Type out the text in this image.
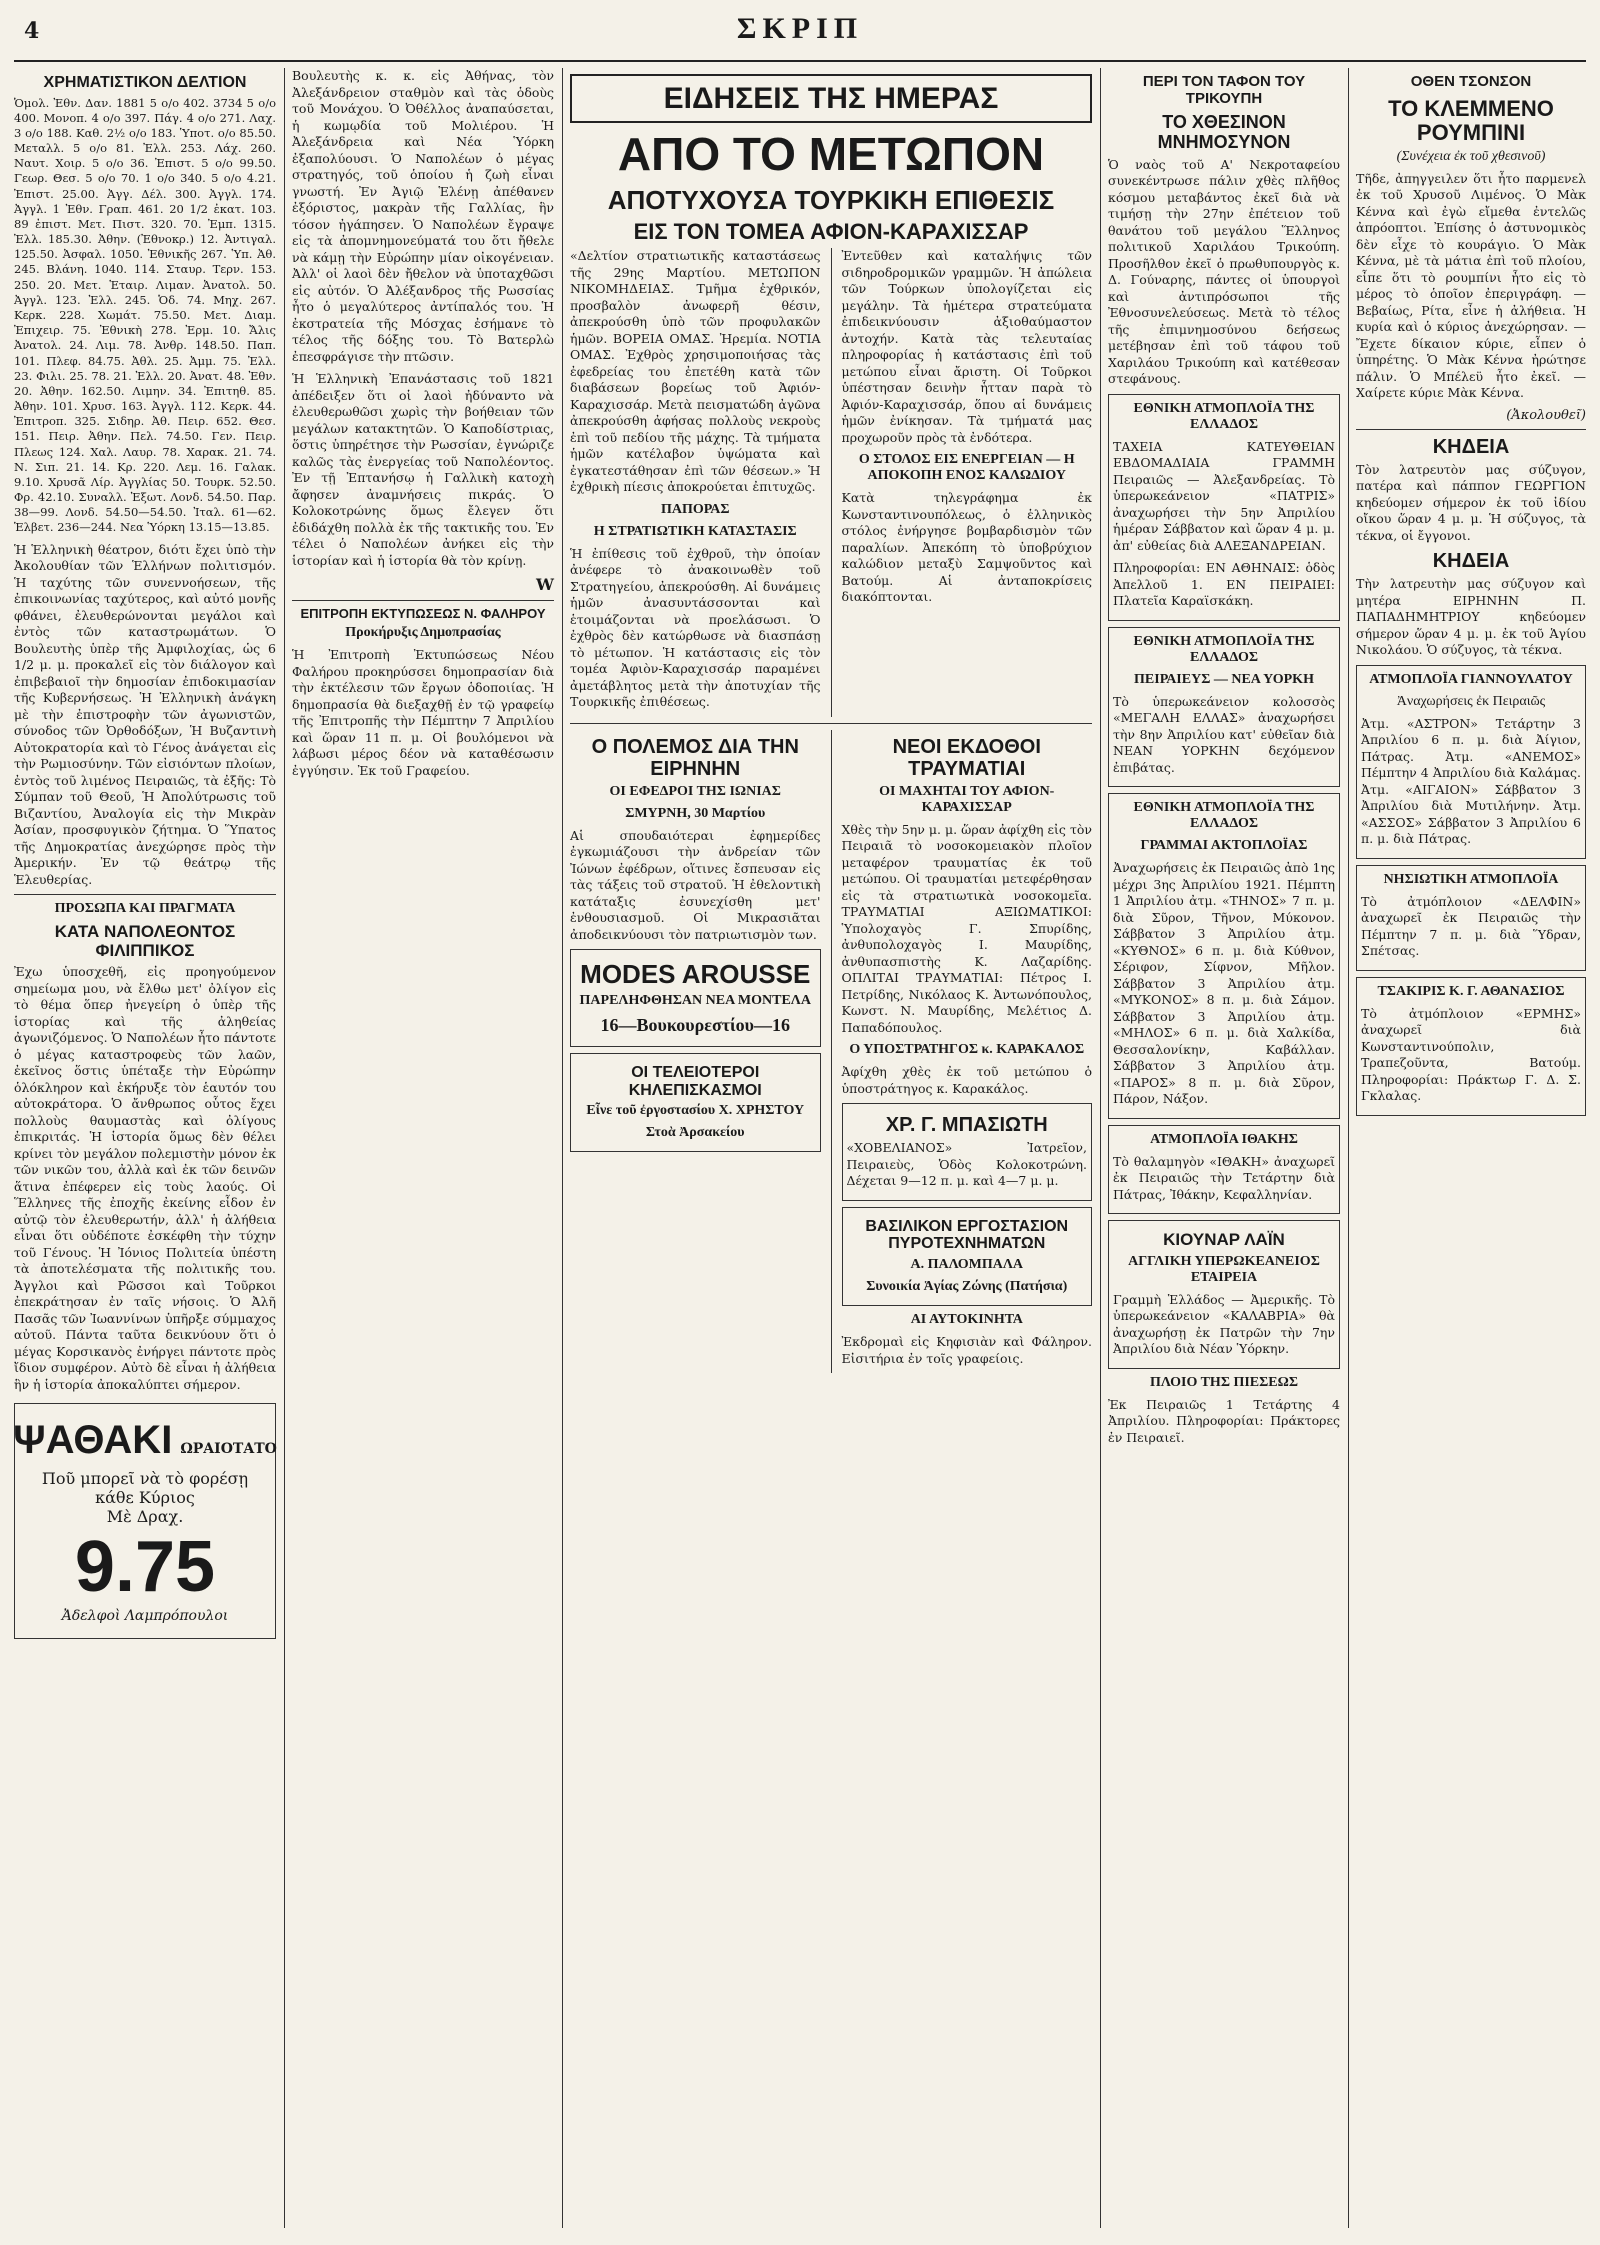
4	ΣΚΡΙΠ
ΧΡΗΜΑΤΙΣΤΙΚΟΝ ΔΕΛΤΙΟΝ
Ὁμολ. Ἐθν. Δαν. 1881 5 ο/ο 402. 3734 5 ο/ο 400. Μονοπ. 4 ο/ο 397. Πάγ. 4 ο/ο 271. Λαχ. 3 ο/ο 188. Καθ. 2½ ο/ο 183. Ὑποτ. ο/ο 85.50. Μεταλλ. 5 ο/ο 81. Ἐλλ. 253. Λάχ. 260. Ναυτ. Χοιρ. 5 ο/ο 36. Ἐπιστ. 5 ο/ο 99.50. Γεωρ. Θεσ. 5 ο/ο 70. 1 ο/ο 340. 5 ο/ο 4.21. Ἐπιστ. 25.00. Ἀγγ. Δέλ. 300. Ἀγγλ. 174. Ἀγγλ. 1 Ἐθν. Γραπ. 461. 20 1/2 ἐκατ. 103. 89 ἐπιστ. Μετ. Πιστ. 320. 70. Ἐμπ. 1315. Ἐλλ. 185.30. Ἀθην. (Ἐθνοκρ.) 12. Ἀντιγαλ. 125.50. Ἀσφαλ. 1050. Ἐθνικῆς 267. Ὑπ. Ἀθ. 245. Βλάνη. 1040. 114. Σταυρ. Τερν. 153. 250. 20. Μετ. Ἑταιρ. Λιμαν. Ἀνατολ. 50. Ἀγγλ. 123. Ἐλλ. 245. Ὁδ. 74. Μηχ. 267. Κερκ. 228. Χωμάτ. 75.50. Μετ. Διαμ. Ἐπιχειρ. 75. Ἐθνικὴ 278. Ἐρμ. 10. Ἄλις Ἀνατολ. 24. Λιμ. 78. Ἀνθρ. 148.50. Παπ. 101. Πλεφ. 84.75. Ἀθλ. 25. Ἀμμ. 75. Ἐλλ. 23. Φιλι. 25. 78. 21. Ἐλλ. 20. Ἀνατ. 48. Ἐθν. 20. Ἀθην. 162.50. Λιμην. 34. Ἐπιτηθ. 85. Ἀθην. 101. Χρυσ. 163. Ἀγγλ. 112. Κερκ. 44. Ἐπιτροπ. 325. Σιδηρ. Ἀθ. Πειρ. 652. Θεσ. 151. Πειρ. Ἀθην. Πελ. 74.50. Γεν. Πειρ. Πλεως 124. Χαλ. Λαυρ. 78. Χαρακ. 21. 74. Ν. Σιπ. 21. 14. Κρ. 220. Λεμ. 16. Γαλακ. 9.10. Χρυσᾶ Λίρ. Ἀγγλίας 50. Τουρκ. 52.50. Φρ. 42.10. Συναλλ. Ἐξωτ. Λονδ. 54.50. Παρ. 38—99. Λονδ. 54.50—54.50. Ἰταλ. 61—62. Ἑλβετ. 236—244. Νεα Ὑόρκη 13.15—13.85.
Ἡ Ἑλληνικὴ θέατρον, διότι ἔχει ὑπὸ τὴν Ἀκολουθίαν τῶν Ἑλλήνων πολιτισμόν. Ἡ ταχύτης τῶν συνεννοήσεων, τῆς ἐπικοινωνίας ταχύτερος, καὶ αὐτό μονῆς φθάνει, ἐλευθερώνονται μεγάλοι καὶ ἐντὸς τῶν καταστρωμάτων. Ὁ Βουλευτὴς ὑπὲρ τῆς Ἀμφιλοχίας, ὡς 6 1/2 μ. μ. προκαλεῖ εἰς τὸν διάλογον καὶ ἐπιβεβαιοῖ τὴν δημοσίαν ἐπιδοκιμασίαν τῆς Κυβερνήσεως. Ἡ Ἑλληνικὴ ἀνάγκη μὲ τὴν ἐπιστροφὴν τῶν ἀγωνιστῶν, σύνοδος τῶν Ὀρθοδόξων, Ἡ Βυζαντινὴ Αὐτοκρατορία καὶ τὸ Γένος ἀνάγεται εἰς τὴν Ρωμιοσύνην. Τῶν εἰσιόντων πλοίων, ἐντὸς τοῦ λιμένος Πειραιῶς, τὰ ἐξῆς: Τὸ Σύμπαν τοῦ Θεοῦ, Ἡ Ἀπολύτρωσις τοῦ Βιζαντίου, Ἀναλογία εἰς τὴν Μικρὰν Ἀσίαν, προσφυγικὸν ζήτημα. Ὁ Ὕπατος τῆς Δημοκρατίας ἀνεχώρησε πρὸς τὴν Ἀμερικήν. Ἐν τῷ θεάτρῳ τῆς Ἑλευθερίας.
ΠΡΟΣΩΠΑ ΚΑΙ ΠΡΑΓΜΑΤΑ
ΚΑΤΑ ΝΑΠΟΛΕΟΝΤΟΣ ΦΙΛΙΠΠΙΚΟΣ
Ἐχω ὑποσχεθῆ, εἰς προηγούμενον σημείωμα μου, νὰ ἔλθω μετ' ὀλίγον εἰς τὸ θέμα ὅπερ ἠνεγείρη ὁ ὑπὲρ τῆς ἱστορίας καὶ τῆς ἀληθείας ἀγωνιζόμενος. Ὁ Ναπολέων ἦτο πάντοτε ὁ μέγας καταστροφεὺς τῶν λαῶν, ἐκεῖνος ὅστις ὑπέταξε τὴν Εὐρώπην ὁλόκληρον καὶ ἐκήρυξε τὸν ἑαυτόν του αὐτοκράτορα. Ὁ ἄνθρωπος οὗτος ἔχει πολλοὺς θαυμαστὰς καὶ ὀλίγους ἐπικριτάς. Ἡ ἱστορία ὅμως δὲν θέλει κρίνει τὸν μεγάλον πολεμιστὴν μόνον ἐκ τῶν νικῶν του, ἀλλὰ καὶ ἐκ τῶν δεινῶν ἅτινα ἐπέφερεν εἰς τοὺς λαούς. Οἱ Ἕλληνες τῆς ἐποχῆς ἐκείνης εἶδον ἐν αὐτῷ τὸν ἐλευθερωτήν, ἀλλ' ἡ ἀλήθεια εἶναι ὅτι οὐδέποτε ἐσκέφθη τὴν τύχην τοῦ Γένους. Ἡ Ἰόνιος Πολιτεία ὑπέστη τὰ ἀποτελέσματα τῆς πολιτικῆς του. Ἀγγλοι καὶ Ρῶσσοι καὶ Τοῦρκοι ἐπεκράτησαν ἐν ταῖς νήσοις. Ὁ Ἀλῆ Πασᾶς τῶν Ἰωαννίνων ὑπῆρξε σύμμαχος αὐτοῦ. Πάντα ταῦτα δεικνύουν ὅτι ὁ μέγας Κορσικανὸς ἐνήργει πάντοτε πρὸς ἴδιον συμφέρον. Αὐτὸ δὲ εἶναι ἡ ἀλήθεια ἣν ἡ ἱστορία ἀποκαλύπτει σήμερον.
ΨΑΘΑΚΙ ΩΡΑΙΟΤΑΤΟ
Ποῦ μπορεῖ νὰ τὸ φορέσῃ κάθε Κύριος
Μὲ Δραχ.
9.75
Ἀδελφοὶ Λαμπρόπουλοι
Βουλευτὴς κ. κ. εἰς Ἀθήνας, τὸν Ἀλεξάνδρειον σταθμὸν καὶ τὰς ὁδοὺς τοῦ Μονάχου. Ὁ Ὀθέλλος ἀναπαύσεται, ἡ κωμῳδία τοῦ Μολιέρου. Ἡ Ἀλεξάνδρεια καὶ Νέα Ὑόρκη ἐξαπολύουσι. Ὁ Ναπολέων ὁ μέγας στρατηγός, τοῦ ὁποίου ἡ ζωὴ εἶναι γνωστή. Ἐν Ἀγιῷ Ἑλένῃ ἀπέθανεν ἐξόριστος, μακρὰν τῆς Γαλλίας, ἣν τόσον ἠγάπησεν. Ὁ Ναπολέων ἔγραψε εἰς τὰ ἀπομνημονεύματά του ὅτι ἤθελε νὰ κάμῃ τὴν Εὐρώπην μίαν οἰκογένειαν. Ἀλλ' οἱ λαοὶ δὲν ἤθελον νὰ ὑποταχθῶσι εἰς αὐτόν. Ὁ Ἀλέξανδρος τῆς Ρωσσίας ἦτο ὁ μεγαλύτερος ἀντίπαλός του. Ἡ ἐκστρατεία τῆς Μόσχας ἐσήμανε τὸ τέλος τῆς δόξης του. Τὸ Βατερλὼ ἐπεσφράγισε τὴν πτῶσιν.
Ἡ Ἑλληνικὴ Ἐπανάστασις τοῦ 1821 ἀπέδειξεν ὅτι οἱ λαοὶ ἠδύναντο νὰ ἐλευθερωθῶσι χωρὶς τὴν βοήθειαν τῶν μεγάλων κατακτητῶν. Ὁ Καποδίστριας, ὅστις ὑπηρέτησε τὴν Ρωσσίαν, ἐγνώριζε καλῶς τὰς ἐνεργείας τοῦ Ναπολέοντος. Ἐν τῇ Ἑπτανήσῳ ἡ Γαλλικὴ κατοχὴ ἄφησεν ἀναμνήσεις πικράς. Ὁ Κολοκοτρώνης ὅμως ἔλεγεν ὅτι ἐδιδάχθη πολλὰ ἐκ τῆς τακτικῆς του. Ἐν τέλει ὁ Ναπολέων ἀνήκει εἰς τὴν ἱστορίαν καὶ ἡ ἱστορία θὰ τὸν κρίνῃ.
W
ΕΠΙΤΡΟΠΗ ΕΚΤΥΠΩΣΕΩΣ Ν. ΦΑΛΗΡΟΥ
Προκήρυξις Δημοπρασίας
Ἡ Ἐπιτροπὴ Ἐκτυπώσεως Νέου Φαλήρου προκηρύσσει δημοπρασίαν διὰ τὴν ἐκτέλεσιν τῶν ἔργων ὁδοποιίας. Ἡ δημοπρασία θὰ διεξαχθῇ ἐν τῷ γραφείῳ τῆς Ἐπιτροπῆς τὴν Πέμπτην 7 Ἀπριλίου καὶ ὥραν 11 π. μ. Οἱ βουλόμενοι νὰ λάβωσι μέρος δέον νὰ καταθέσωσιν ἐγγύησιν. Ἐκ τοῦ Γραφείου.
ΕΙΔΗΣΕΙΣ ΤΗΣ ΗΜΕΡΑΣ
ΑΠΟ ΤΟ ΜΕΤΩΠΟΝ
ΑΠΟΤΥΧΟΥΣΑ ΤΟΥΡΚΙΚΗ ΕΠΙΘΕΣΙΣ
ΕΙΣ ΤΟΝ ΤΟΜΕΑ ΑΦΙΟΝ-ΚΑΡΑΧΙΣΣΑΡ
«Δελτίον στρατιωτικῆς καταστάσεως τῆς 29ης Μαρτίου. ΜΕΤΩΠΟΝ ΝΙΚΟΜΗΔΕΙΑΣ. Τμῆμα ἐχθρικόν, προσβαλὸν ἀνωφερῆ θέσιν, ἀπεκρούσθη ὑπὸ τῶν προφυλακῶν ἡμῶν. ΒΟΡΕΙΑ ΟΜΑΣ. Ἠρεμία. ΝΟΤΙΑ ΟΜΑΣ. Ἐχθρὸς χρησιμοποιήσας τὰς ἐφεδρείας του ἐπετέθη κατὰ τῶν διαβάσεων βορείως τοῦ Ἀφιόν-Καραχισσάρ. Μετὰ πεισματώδη ἀγῶνα ἀπεκρούσθη ἀφήσας πολλοὺς νεκροὺς ἐπὶ τοῦ πεδίου τῆς μάχης. Τὰ τμήματα ἡμῶν κατέλαβον ὑψώματα καὶ ἐγκατεστάθησαν ἐπὶ τῶν θέσεων.» Ἡ ἐχθρικὴ πίεσις ἀποκρούεται ἐπιτυχῶς.
ΠΑΠΟΡΑΣ
Η ΣΤΡΑΤΙΩΤΙΚΗ ΚΑΤΑΣΤΑΣΙΣ
Ἡ ἐπίθεσις τοῦ ἐχθροῦ, τὴν ὁποίαν ἀνέφερε τὸ ἀνακοινωθὲν τοῦ Στρατηγείου, ἀπεκρούσθη. Αἱ δυνάμεις ἡμῶν ἀνασυντάσσονται καὶ ἑτοιμάζονται νὰ προελάσωσι. Ὁ ἐχθρὸς δὲν κατώρθωσε νὰ διασπάσῃ τὸ μέτωπον. Ἡ κατάστασις εἰς τὸν τομέα Ἀφιὸν-Καραχισσάρ παραμένει ἀμετάβλητος μετὰ τὴν ἀποτυχίαν τῆς Τουρκικῆς ἐπιθέσεως.
Ἐντεῦθεν καὶ καταλήψις τῶν σιδηροδρομικῶν γραμμῶν. Ἡ ἀπώλεια τῶν Τούρκων ὑπολογίζεται εἰς μεγάλην. Τὰ ἡμέτερα στρατεύματα ἐπιδεικνύουσιν ἀξιοθαύμαστον ἀντοχήν. Κατὰ τὰς τελευταίας πληροφορίας ἡ κατάστασις ἐπὶ τοῦ μετώπου εἶναι ἄριστη. Οἱ Τοῦρκοι ὑπέστησαν δεινὴν ἧτταν παρὰ τὸ Ἀφιόν-Καραχισσάρ, ὅπου αἱ δυνάμεις ἡμῶν ἐνίκησαν. Τὰ τμήματά μας προχωροῦν πρὸς τὰ ἐνδότερα.
Ο ΣΤΟΛΟΣ ΕΙΣ ΕΝΕΡΓΕΙΑΝ — Η ΑΠΟΚΟΠΗ ΕΝΟΣ ΚΑΛΩΔΙΟΥ
Κατὰ τηλεγράφημα ἐκ Κωνσταντινουπόλεως, ὁ ἑλληνικὸς στόλος ἐνήργησε βομβαρδισμὸν τῶν παραλίων. Ἀπεκόπη τὸ ὑποβρύχιον καλώδιον μεταξὺ Σαμψοῦντος καὶ Βατούμ. Αἱ ἀνταποκρίσεις διακόπτονται.
Ο ΠΟΛΕΜΟΣ ΔΙΑ ΤΗΝ ΕΙΡΗΝΗΝ
ΟΙ ΕΦΕΔΡΟΙ ΤΗΣ ΙΩΝΙΑΣ
ΣΜΥΡΝΗ, 30 Μαρτίου
Αἱ σπουδαιότεραι ἐφημερίδες ἐγκωμιάζουσι τὴν ἀνδρείαν τῶν Ἰώνων ἐφέδρων, οἵτινες ἔσπευσαν εἰς τὰς τάξεις τοῦ στρατοῦ. Ἡ ἐθελοντικὴ κατάταξις ἐσυνεχίσθη μετ' ἐνθουσιασμοῦ. Οἱ Μικρασιᾶται ἀποδεικνύουσι τὸν πατριωτισμὸν των.
MODES AROUSSE
ΠΑΡΕΛΗΦΘΗΣΑΝ ΝΕΑ ΜΟΝΤΕΛΑ
16—Βουκουρεστίου—16
ΟΙ ΤΕΛΕΙΟΤΕΡΟΙ ΚΗΛΕΠΙΣΚΑΣΜΟΙ
Εἶνε τοῦ ἐργοστασίου Χ. ΧΡΗΣΤΟΥ
Στοὰ Ἀρσακείου
ΝΕΟΙ ΕΚΔΟΘΟΙ ΤΡΑΥΜΑΤΙΑΙ
ΟΙ ΜΑΧΗΤΑΙ ΤΟΥ ΑΦΙΟΝ-ΚΑΡΑΧΙΣΣΑΡ
Χθὲς τὴν 5ην μ. μ. ὥραν ἀφίχθη εἰς τὸν Πειραιᾶ τὸ νοσοκομειακὸν πλοῖον μεταφέρον τραυματίας ἐκ τοῦ μετώπου. Οἱ τραυματίαι μετεφέρθησαν εἰς τὰ στρατιωτικὰ νοσοκομεῖα. ΤΡΑΥΜΑΤΙΑΙ ΑΞΙΩΜΑΤΙΚΟΙ: Ὑπολοχαγὸς Γ. Σπυρίδης, ἀνθυπολοχαγὸς Ι. Μαυρίδης, ἀνθυπασπιστὴς Κ. Λαζαρίδης. ΟΠΛΙΤΑΙ ΤΡΑΥΜΑΤΙΑΙ: Πέτρος Ι. Πετρίδης, Νικόλαος Κ. Ἀντωνόπουλος, Κωνστ. Ν. Μαυρίδης, Μελέτιος Δ. Παπαδόπουλος.
Ο ΥΠΟΣΤΡΑΤΗΓΟΣ κ. ΚΑΡΑΚΑΛΟΣ
Ἀφίχθη χθὲς ἐκ τοῦ μετώπου ὁ ὑποστράτηγος κ. Καρακάλος.
ΧΡ. Γ. ΜΠΑΣΙΩΤΗ
«ΧΟΒΕΛΙΑΝΟΣ» Ἰατρεῖον, Πειραιεὺς, Ὁδὸς Κολοκοτρώνη. Δέχεται 9—12 π. μ. καὶ 4—7 μ. μ.
ΒΑΣΙΛΙΚΟΝ ΕΡΓΟΣΤΑΣΙΟΝ ΠΥΡΟΤΕΧΝΗΜΑΤΩΝ
Α. ΠΑΛΟΜΠΑΛΑ
Συνοικία Ἁγίας Ζώνης (Πατήσια)
ΑΙ ΑΥΤΟΚΙΝΗΤΑ
Ἐκδρομαὶ εἰς Κηφισιὰν καὶ Φάληρον. Εἰσιτήρια ἐν τοῖς γραφείοις.
ΠΕΡΙ ΤΟΝ ΤΑΦΟΝ ΤΟΥ ΤΡΙΚΟΥΠΗ
ΤΟ ΧΘΕΣΙΝΟΝ ΜΝΗΜΟΣΥΝΟΝ
Ὁ ναὸς τοῦ Α' Νεκροταφείου συνεκέντρωσε πάλιν χθὲς πλῆθος κόσμου μεταβάντος ἐκεῖ διὰ νὰ τιμήσῃ τὴν 27ην ἐπέτειον τοῦ θανάτου τοῦ μεγάλου Ἕλληνος πολιτικοῦ Χαριλάου Τρικούπη. Προσῆλθον ἐκεῖ ὁ πρωθυπουργὸς κ. Δ. Γούναρης, πάντες οἱ ὑπουργοὶ καὶ ἀντιπρόσωποι τῆς Ἐθνοσυνελεύσεως. Μετὰ τὸ τέλος τῆς ἐπιμνημοσύνου δεήσεως μετέβησαν ἐπὶ τοῦ τάφου τοῦ Χαριλάου Τρικούπη καὶ κατέθεσαν στεφάνους.
ΕΘΝΙΚΗ ΑΤΜΟΠΛΟΪΑ ΤΗΣ ΕΛΛΑΔΟΣ
ΤΑΧΕΙΑ ΚΑΤΕΥΘΕΙΑΝ ΕΒΔΟΜΑΔΙΑΙΑ ΓΡΑΜΜΗ Πειραιῶς — Ἀλεξανδρείας. Τὸ ὑπερωκεάνειον «ΠΑΤΡΙΣ» ἀναχωρήσει τὴν 5ην Ἀπριλίου ἡμέραν Σάββατον καὶ ὥραν 4 μ. μ. ἀπ' εὐθείας διὰ ΑΛΕΞΑΝΔΡΕΙΑΝ.
Πληροφορίαι: ΕΝ ΑΘΗΝΑΙΣ: ὁδὸς Ἀπελλοῦ 1. ΕΝ ΠΕΙΡΑΙΕΙ: Πλατεῖα Καραϊσκάκη.
ΕΘΝΙΚΗ ΑΤΜΟΠΛΟΪΑ ΤΗΣ ΕΛΛΑΔΟΣ
ΠΕΙΡΑΙΕΥΣ — ΝΕΑ ΥΟΡΚΗ
Τὸ ὑπερωκεάνειον κολοσσὸς «ΜΕΓΑΛΗ ΕΛΛΑΣ» ἀναχωρήσει τὴν 8ην Ἀπριλίου κατ' εὐθεῖαν διὰ ΝΕΑΝ ΥΟΡΚΗΝ δεχόμενον ἐπιβάτας.
ΕΘΝΙΚΗ ΑΤΜΟΠΛΟΪΑ ΤΗΣ ΕΛΛΑΔΟΣ
ΓΡΑΜΜΑΙ ΑΚΤΟΠΛΟΪΑΣ
Ἀναχωρήσεις ἐκ Πειραιῶς ἀπὸ 1ης μέχρι 3ης Ἀπριλίου 1921. Πέμπτη 1 Ἀπριλίου ἀτμ. «ΤΗΝΟΣ» 7 π. μ. διὰ Σῦρον, Τῆνον, Μύκονον. Σάββατον 3 Ἀπριλίου ἀτμ. «ΚΥΘΝΟΣ» 6 π. μ. διὰ Κύθνον, Σέριφον, Σίφνον, Μῆλον. Σάββατον 3 Ἀπριλίου ἀτμ. «ΜΥΚΟΝΟΣ» 8 π. μ. διὰ Σάμον. Σάββατον 3 Ἀπριλίου ἀτμ. «ΜΗΛΟΣ» 6 π. μ. διὰ Χαλκίδα, Θεσσαλονίκην, Καβάλλαν. Σάββατον 3 Ἀπριλίου ἀτμ. «ΠΑΡΟΣ» 8 π. μ. διὰ Σῦρον, Πάρον, Νάξον.
ΑΤΜΟΠΛΟΪΑ ΙΘΑΚΗΣ
Τὸ θαλαμηγὸν «ΙΘΑΚΗ» ἀναχωρεῖ ἐκ Πειραιῶς τὴν Τετάρτην διὰ Πάτρας, Ἰθάκην, Κεφαλληνίαν.
ΚΙΟΥΝΑΡ ΛΑΪΝ
ΑΓΓΛΙΚΗ ΥΠΕΡΩΚΕΑΝΕΙΟΣ ΕΤΑΙΡΕΙΑ
Γραμμὴ Ἑλλάδος — Ἀμερικῆς. Τὸ ὑπερωκεάνειον «ΚΑΛΑΒΡΙΑ» θὰ ἀναχωρήσῃ ἐκ Πατρῶν τὴν 7ην Ἀπριλίου διὰ Νέαν Ὑόρκην.
ΠΛΟΙΟ ΤΗΣ ΠΙΕΣΕΩΣ
Ἐκ Πειραιῶς 1 Τετάρτης 4 Ἀπριλίου. Πληροφορίαι: Πράκτορες ἐν Πειραιεῖ.
ΟΘΕΝ ΤΣΟΝΣΟΝ
ΤΟ ΚΛΕΜΜΕΝΟ ΡΟΥΜΠΙΝΙ
(Συνέχεια ἐκ τοῦ χθεσινοῦ)
Τῆδε, ἀπηγγειλεν ὅτι ἦτο παρμενελ ἐκ τοῦ Χρυσοῦ Λιμένος. Ὁ Μὰκ Κέννα καὶ ἐγὼ εἴμεθα ἐντελῶς ἀπρόοπτοι. Ἐπίσης ὁ ἀστυνομικὸς δὲν εἶχε τὸ κουράγιο. Ὁ Μὰκ Κέννα, μὲ τὰ μάτια ἐπὶ τοῦ πλοίου, εἶπε ὅτι τὸ ρουμπίνι ἦτο εἰς τὸ μέρος τὸ ὁποῖον ἐπεριγράφη. — Βεβαίως, Ρίτα, εἶνε ἡ ἀλήθεια. Ἡ κυρία καὶ ὁ κύριος ἀνεχώρησαν. — Ἔχετε δίκαιον κύριε, εἶπεν ὁ ὑπηρέτης. Ὁ Μὰκ Κέννα ἠρώτησε πάλιν. Ὁ Μπέλεϋ ἦτο ἐκεῖ. — Χαίρετε κύριε Μὰκ Κέννα.
(Ἀκολουθεῖ)
ΚΗΔΕΙΑ
Τὸν λατρευτὸν μας σύζυγον, πατέρα καὶ πάππον ΓΕΩΡΓΙΟΝ κηδεύομεν σήμερον ἐκ τοῦ ἰδίου οἴκου ὥραν 4 μ. μ. Ἡ σύζυγος, τὰ τέκνα, οἱ ἔγγονοι.
ΚΗΔΕΙΑ
Τὴν λατρευτὴν μας σύζυγον καὶ μητέρα ΕΙΡΗΝΗΝ Π. ΠΑΠΑΔΗΜΗΤΡΙΟΥ κηδεύομεν σήμερον ὥραν 4 μ. μ. ἐκ τοῦ Ἁγίου Νικολάου. Ὁ σύζυγος, τὰ τέκνα.
ΑΤΜΟΠΛΟΪΑ ΓΙΑΝΝΟΥΛΑΤΟΥ
Ἀναχωρήσεις ἐκ Πειραιῶς
Ἀτμ. «ΑΣΤΡΟΝ» Τετάρτην 3 Ἀπριλίου 6 π. μ. διὰ Ἀίγιον, Πάτρας. Ἀτμ. «ΑΝΕΜΟΣ» Πέμπτην 4 Ἀπριλίου διὰ Καλάμας. Ἀτμ. «ΑΙΓΑΙΟΝ» Σάββατον 3 Ἀπριλίου διὰ Μυτιλήνην. Ἀτμ. «ΑΣΣΟΣ» Σάββατον 3 Ἀπριλίου 6 π. μ. διὰ Πάτρας.
ΝΗΣΙΩΤΙΚΗ ΑΤΜΟΠΛΟΪΑ
Τὸ ἀτμόπλοιον «ΔΕΛΦΙΝ» ἀναχωρεῖ ἐκ Πειραιῶς τὴν Πέμπτην 7 π. μ. διὰ Ὕδραν, Σπέτσας.
ΤΣΑΚΙΡΙΣ Κ. Γ. ΑΘΑΝΑΣΙΟΣ
Τὸ ἀτμόπλοιον «ΕΡΜΗΣ» ἀναχωρεῖ διὰ Κωνσταντινούπολιν, Τραπεζοῦντα, Βατούμ. Πληροφορίαι: Πράκτωρ Γ. Δ. Σ. Γκλαλας.
